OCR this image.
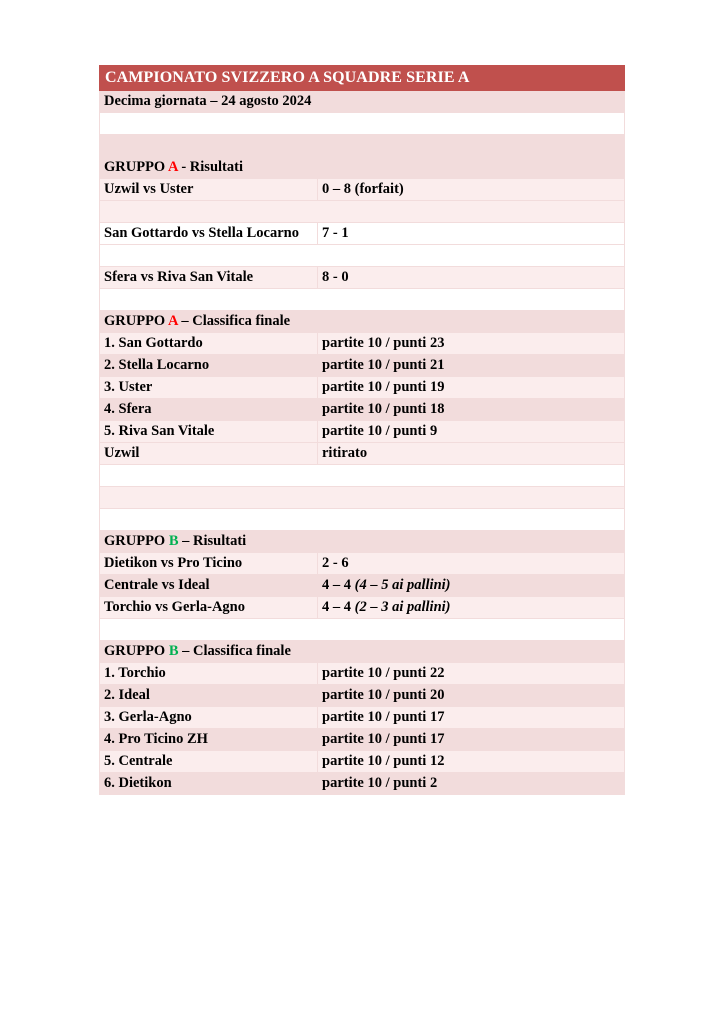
CAMPIONATO SVIZZERO A SQUADRE SERIE A	
Decima giornata – 24 agosto 2024	

GRUPPO A - Risultati	
Uzwil vs Uster	0 – 8 (forfait)

San Gottardo vs Stella Locarno	7 - 1

Sfera vs Riva San Vitale	8 - 0

GRUPPO A – Classifica finale	
1. San Gottardo	partite 10 / punti 23
2. Stella Locarno	partite 10 / punti 21
3. Uster	partite 10 / punti 19
4. Sfera	partite 10 / punti 18
5. Riva San Vitale	partite 10 / punti 9
Uzwil	ritirato

GRUPPO B – Risultati	
Dietikon vs Pro Ticino	2 - 6
Centrale vs Ideal	4 – 4 (4 – 5 ai pallini)
Torchio vs Gerla-Agno	4 – 4 (2 – 3 ai pallini)

GRUPPO B – Classifica finale	
1. Torchio	partite 10 / punti 22
2. Ideal	partite 10 / punti 20
3. Gerla-Agno	partite 10 / punti 17
4. Pro Ticino ZH	partite 10 / punti 17
5. Centrale	partite 10 / punti 12
6. Dietikon	partite 10 / punti 2
